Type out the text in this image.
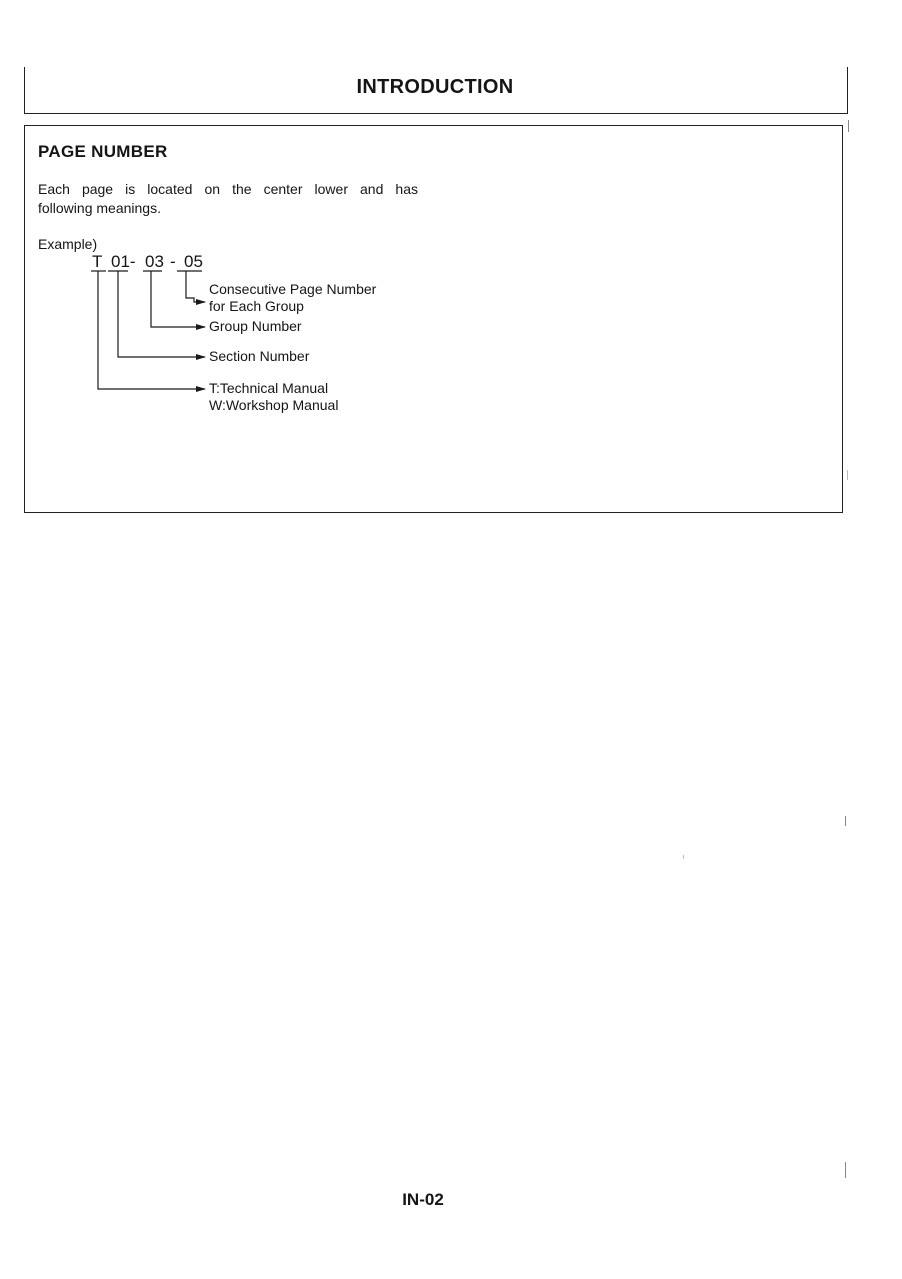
INTRODUCTION
PAGE NUMBER
Each page is located on the center lower and has
following meanings.
Example)
T 01- 03 - 05
Consecutive Page Number
for Each Group
Group Number
Section Number
T:Technical Manual
W:Workshop Manual
IN-02
